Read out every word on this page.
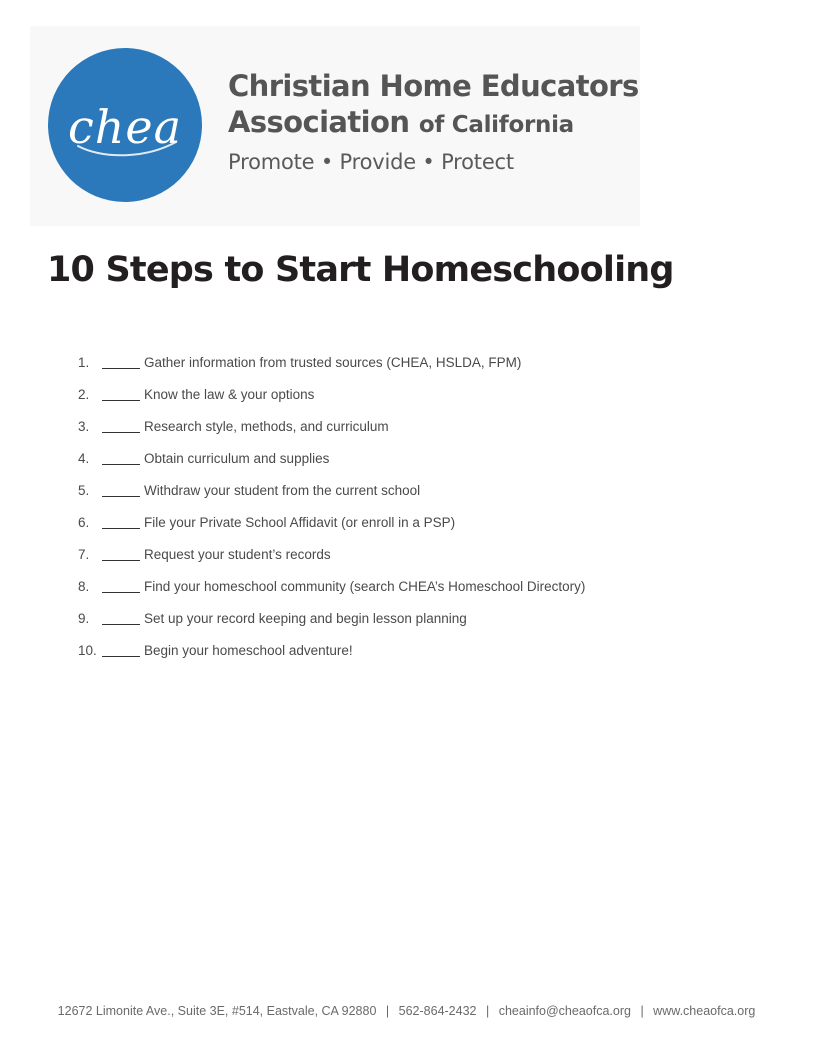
chea
Christian Home Educators
Association of California
Promote • Provide • Protect
10 Steps to Start Homeschooling
1.	Gather information from trusted sources (CHEA, HSLDA, FPM)
2.	Know the law & your options
3.	Research style, methods, and curriculum
4.	Obtain curriculum and supplies
5.	Withdraw your student from the current school
6.	File your Private School Affidavit (or enroll in a PSP)
7.	Request your student’s records
8.	Find your homeschool community (search CHEA’s Homeschool Directory)
9.	Set up your record keeping and begin lesson planning
10.	Begin your homeschool adventure!
12672 Limonite Ave., Suite 3E, #514, Eastvale, CA 92880 | 562-864-2432 | cheainfo@cheaofca.org | www.cheaofca.org
